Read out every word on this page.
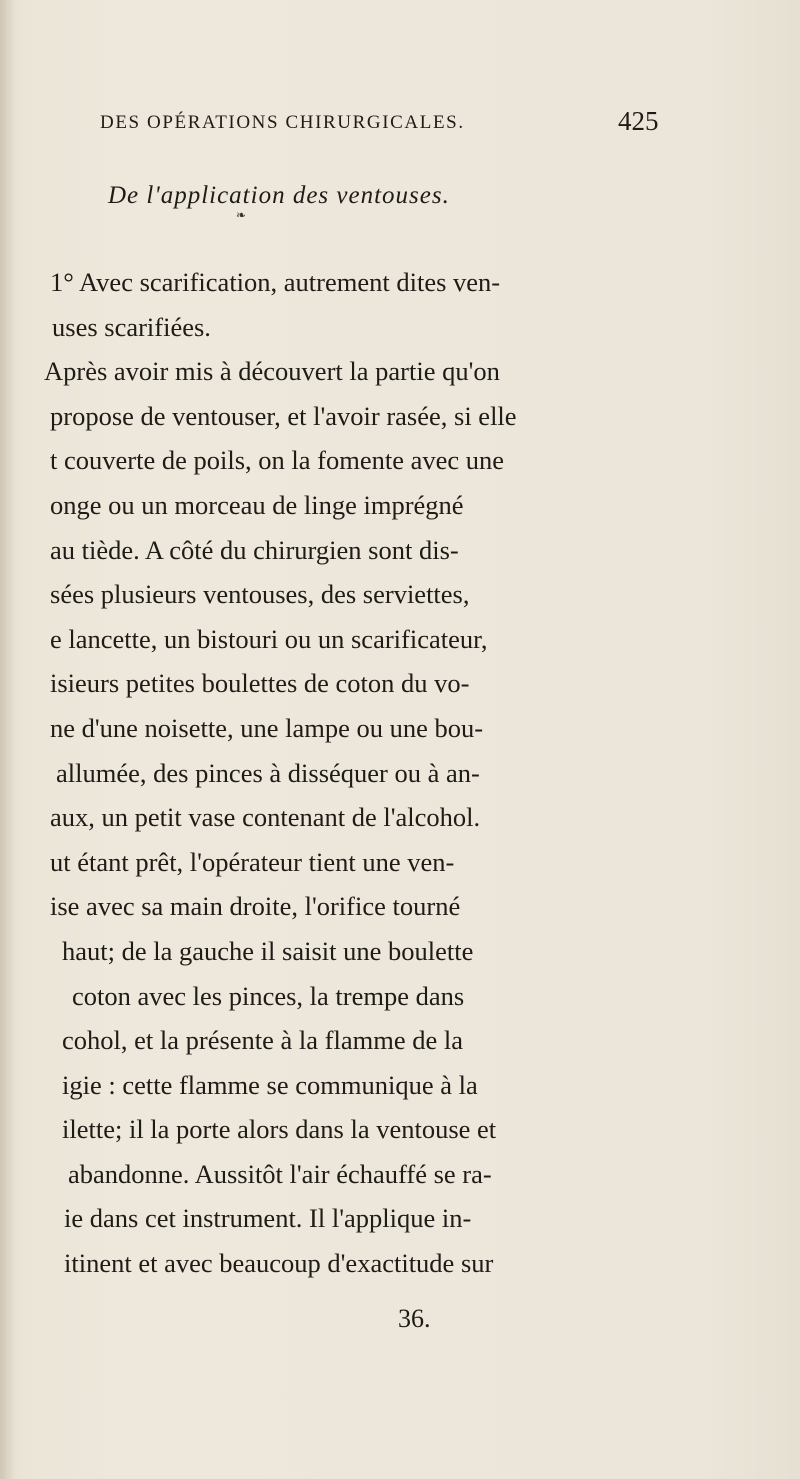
DES OPÉRATIONS CHIRURGICALES.	425
De l'application des ventouses.
❧
1° Avec scarification, autrement dites ven-
uses scarifiées.
Après avoir mis à découvert la partie qu'on
propose de ventouser, et l'avoir rasée, si elle
t couverte de poils, on la fomente avec une
onge ou un morceau de linge imprégné
au tiède. A côté du chirurgien sont dis-
sées plusieurs ventouses, des serviettes,
e lancette, un bistouri ou un scarificateur,
isieurs petites boulettes de coton du vo-
ne d'une noisette, une lampe ou une bou-
allumée, des pinces à disséquer ou à an-
aux, un petit vase contenant de l'alcohol.
ut étant prêt, l'opérateur tient une ven-
ise avec sa main droite, l'orifice tourné
haut; de la gauche il saisit une boulette
coton avec les pinces, la trempe dans
cohol, et la présente à la flamme de la
igie : cette flamme se communique à la
ilette; il la porte alors dans la ventouse et
abandonne. Aussitôt l'air échauffé se ra-
ie dans cet instrument. Il l'applique in-
itinent et avec beaucoup d'exactitude sur
36.
